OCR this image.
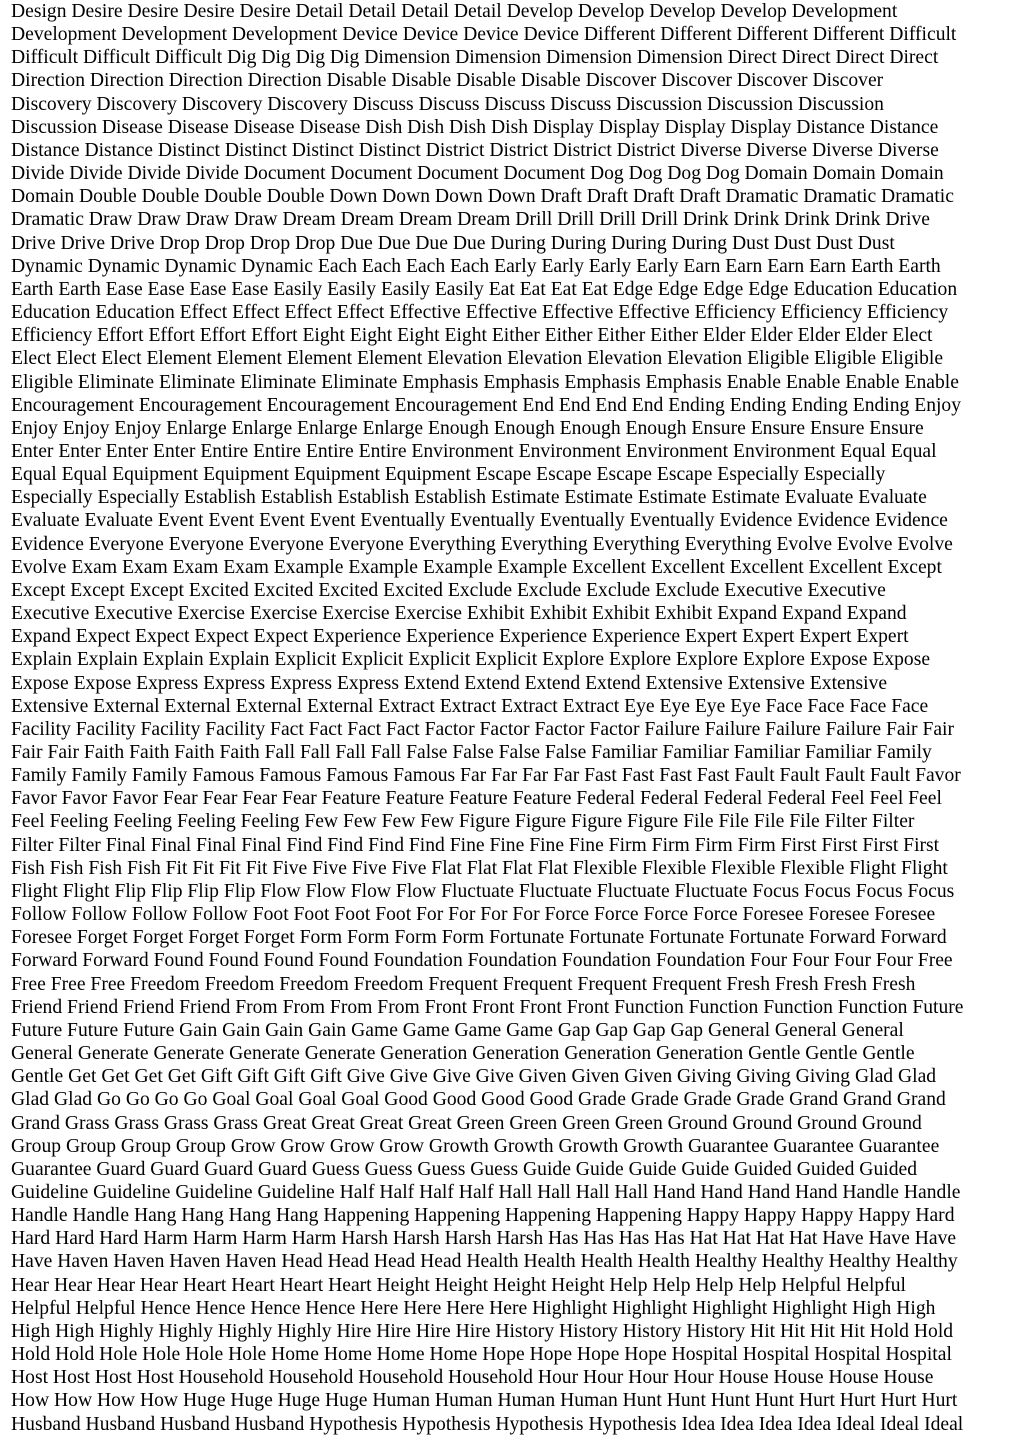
Design Desire Desire Desire Desire Detail Detail Detail Detail Develop Develop Develop Develop Development
Development Development Development Device Device Device Device Different Different Different Different Difficult
Difficult Difficult Difficult Dig Dig Dig Dig Dimension Dimension Dimension Dimension Direct Direct Direct Direct
Direction Direction Direction Direction Disable Disable Disable Disable Discover Discover Discover Discover
Discovery Discovery Discovery Discovery Discuss Discuss Discuss Discuss Discussion Discussion Discussion
Discussion Disease Disease Disease Disease Dish Dish Dish Dish Display Display Display Display Distance Distance
Distance Distance Distinct Distinct Distinct Distinct District District District District Diverse Diverse Diverse Diverse
Divide Divide Divide Divide Document Document Document Document Dog Dog Dog Dog Domain Domain Domain
Domain Double Double Double Double Down Down Down Down Draft Draft Draft Draft Dramatic Dramatic Dramatic
Dramatic Draw Draw Draw Draw Dream Dream Dream Dream Drill Drill Drill Drill Drink Drink Drink Drink Drive
Drive Drive Drive Drop Drop Drop Drop Due Due Due Due During During During During Dust Dust Dust Dust
Dynamic Dynamic Dynamic Dynamic Each Each Each Each Early Early Early Early Earn Earn Earn Earn Earth Earth
Earth Earth Ease Ease Ease Ease Easily Easily Easily Easily Eat Eat Eat Eat Edge Edge Edge Edge Education Education
Education Education Effect Effect Effect Effect Effective Effective Effective Effective Efficiency Efficiency Efficiency
Efficiency Effort Effort Effort Effort Eight Eight Eight Eight Either Either Either Either Elder Elder Elder Elder Elect
Elect Elect Elect Element Element Element Element Elevation Elevation Elevation Elevation Eligible Eligible Eligible
Eligible Eliminate Eliminate Eliminate Eliminate Emphasis Emphasis Emphasis Emphasis Enable Enable Enable Enable
Encouragement Encouragement Encouragement Encouragement End End End End Ending Ending Ending Ending Enjoy
Enjoy Enjoy Enjoy Enlarge Enlarge Enlarge Enlarge Enough Enough Enough Enough Ensure Ensure Ensure Ensure
Enter Enter Enter Enter Entire Entire Entire Entire Environment Environment Environment Environment Equal Equal
Equal Equal Equipment Equipment Equipment Equipment Escape Escape Escape Escape Especially Especially
Especially Especially Establish Establish Establish Establish Estimate Estimate Estimate Estimate Evaluate Evaluate
Evaluate Evaluate Event Event Event Event Eventually Eventually Eventually Eventually Evidence Evidence Evidence
Evidence Everyone Everyone Everyone Everyone Everything Everything Everything Everything Evolve Evolve Evolve
Evolve Exam Exam Exam Exam Example Example Example Example Excellent Excellent Excellent Excellent Except
Except Except Except Excited Excited Excited Excited Exclude Exclude Exclude Exclude Executive Executive
Executive Executive Exercise Exercise Exercise Exercise Exhibit Exhibit Exhibit Exhibit Expand Expand Expand
Expand Expect Expect Expect Expect Experience Experience Experience Experience Expert Expert Expert Expert
Explain Explain Explain Explain Explicit Explicit Explicit Explicit Explore Explore Explore Explore Expose Expose
Expose Expose Express Express Express Express Extend Extend Extend Extend Extensive Extensive Extensive
Extensive External External External External Extract Extract Extract Extract Eye Eye Eye Eye Face Face Face Face
Facility Facility Facility Facility Fact Fact Fact Fact Factor Factor Factor Factor Failure Failure Failure Failure Fair Fair
Fair Fair Faith Faith Faith Faith Fall Fall Fall Fall False False False False Familiar Familiar Familiar Familiar Family
Family Family Family Famous Famous Famous Famous Far Far Far Far Fast Fast Fast Fast Fault Fault Fault Fault Favor
Favor Favor Favor Fear Fear Fear Fear Feature Feature Feature Feature Federal Federal Federal Federal Feel Feel Feel
Feel Feeling Feeling Feeling Feeling Few Few Few Few Figure Figure Figure Figure File File File File Filter Filter
Filter Filter Final Final Final Final Find Find Find Find Fine Fine Fine Fine Firm Firm Firm Firm First First First First
Fish Fish Fish Fish Fit Fit Fit Fit Five Five Five Five Flat Flat Flat Flat Flexible Flexible Flexible Flexible Flight Flight
Flight Flight Flip Flip Flip Flip Flow Flow Flow Flow Fluctuate Fluctuate Fluctuate Fluctuate Focus Focus Focus Focus
Follow Follow Follow Follow Foot Foot Foot Foot For For For For Force Force Force Force Foresee Foresee Foresee
Foresee Forget Forget Forget Forget Form Form Form Form Fortunate Fortunate Fortunate Fortunate Forward Forward
Forward Forward Found Found Found Found Foundation Foundation Foundation Foundation Four Four Four Four Free
Free Free Free Freedom Freedom Freedom Freedom Frequent Frequent Frequent Frequent Fresh Fresh Fresh Fresh
Friend Friend Friend Friend From From From From Front Front Front Front Function Function Function Function Future
Future Future Future Gain Gain Gain Gain Game Game Game Game Gap Gap Gap Gap General General General
General Generate Generate Generate Generate Generation Generation Generation Generation Gentle Gentle Gentle
Gentle Get Get Get Get Gift Gift Gift Gift Give Give Give Give Given Given Given Giving Giving Giving Glad Glad
Glad Glad Go Go Go Go Goal Goal Goal Goal Good Good Good Good Grade Grade Grade Grade Grand Grand Grand
Grand Grass Grass Grass Grass Great Great Great Great Green Green Green Green Ground Ground Ground Ground
Group Group Group Group Grow Grow Grow Grow Growth Growth Growth Growth Guarantee Guarantee Guarantee
Guarantee Guard Guard Guard Guard Guess Guess Guess Guess Guide Guide Guide Guide Guided Guided Guided
Guideline Guideline Guideline Guideline Half Half Half Half Hall Hall Hall Hall Hand Hand Hand Hand Handle Handle
Handle Handle Hang Hang Hang Hang Happening Happening Happening Happening Happy Happy Happy Happy Hard
Hard Hard Hard Harm Harm Harm Harm Harsh Harsh Harsh Harsh Has Has Has Has Hat Hat Hat Hat Have Have Have
Have Haven Haven Haven Haven Head Head Head Head Health Health Health Health Healthy Healthy Healthy Healthy
Hear Hear Hear Hear Heart Heart Heart Heart Height Height Height Height Help Help Help Help Helpful Helpful
Helpful Helpful Hence Hence Hence Hence Here Here Here Here Highlight Highlight Highlight Highlight High High
High High Highly Highly Highly Highly Hire Hire Hire Hire History History History History Hit Hit Hit Hit Hold Hold
Hold Hold Hole Hole Hole Hole Home Home Home Home Hope Hope Hope Hope Hospital Hospital Hospital Hospital
Host Host Host Host Household Household Household Household Hour Hour Hour Hour House House House House
How How How How Huge Huge Huge Huge Human Human Human Human Hunt Hunt Hunt Hunt Hurt Hurt Hurt Hurt
Husband Husband Husband Husband Hypothesis Hypothesis Hypothesis Hypothesis Idea Idea Idea Idea Ideal Ideal Ideal
